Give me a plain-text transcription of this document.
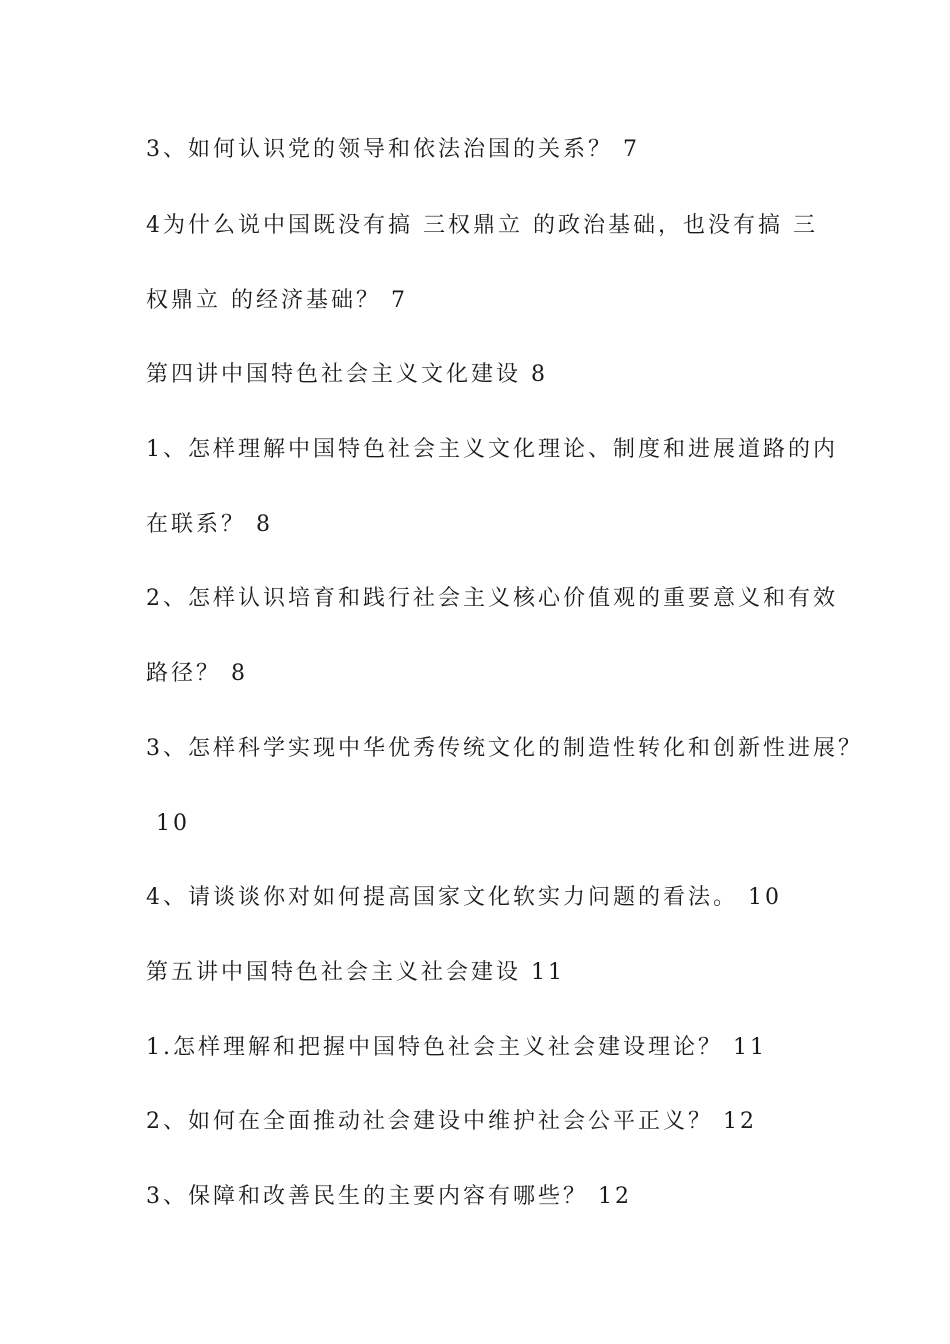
3、如何认识党的领导和依法治国的关系？ 7
4为什么说中国既没有搞 三权鼎立 的政治基础，也没有搞 三
权鼎立 的经济基础？ 7
第四讲中国特色社会主义文化建设 8
1、怎样理解中国特色社会主义文化理论、制度和进展道路的内
在联系？ 8
2、怎样认识培育和践行社会主义核心价值观的重要意义和有效
路径？ 8
3、怎样科学实现中华优秀传统文化的制造性转化和创新性进展？
10
4、请谈谈你对如何提高国家文化软实力问题的看法。 10
第五讲中国特色社会主义社会建设 11
1.怎样理解和把握中国特色社会主义社会建设理论？ 11
2、如何在全面推动社会建设中维护社会公平正义？ 12
3、保障和改善民生的主要内容有哪些？ 12
